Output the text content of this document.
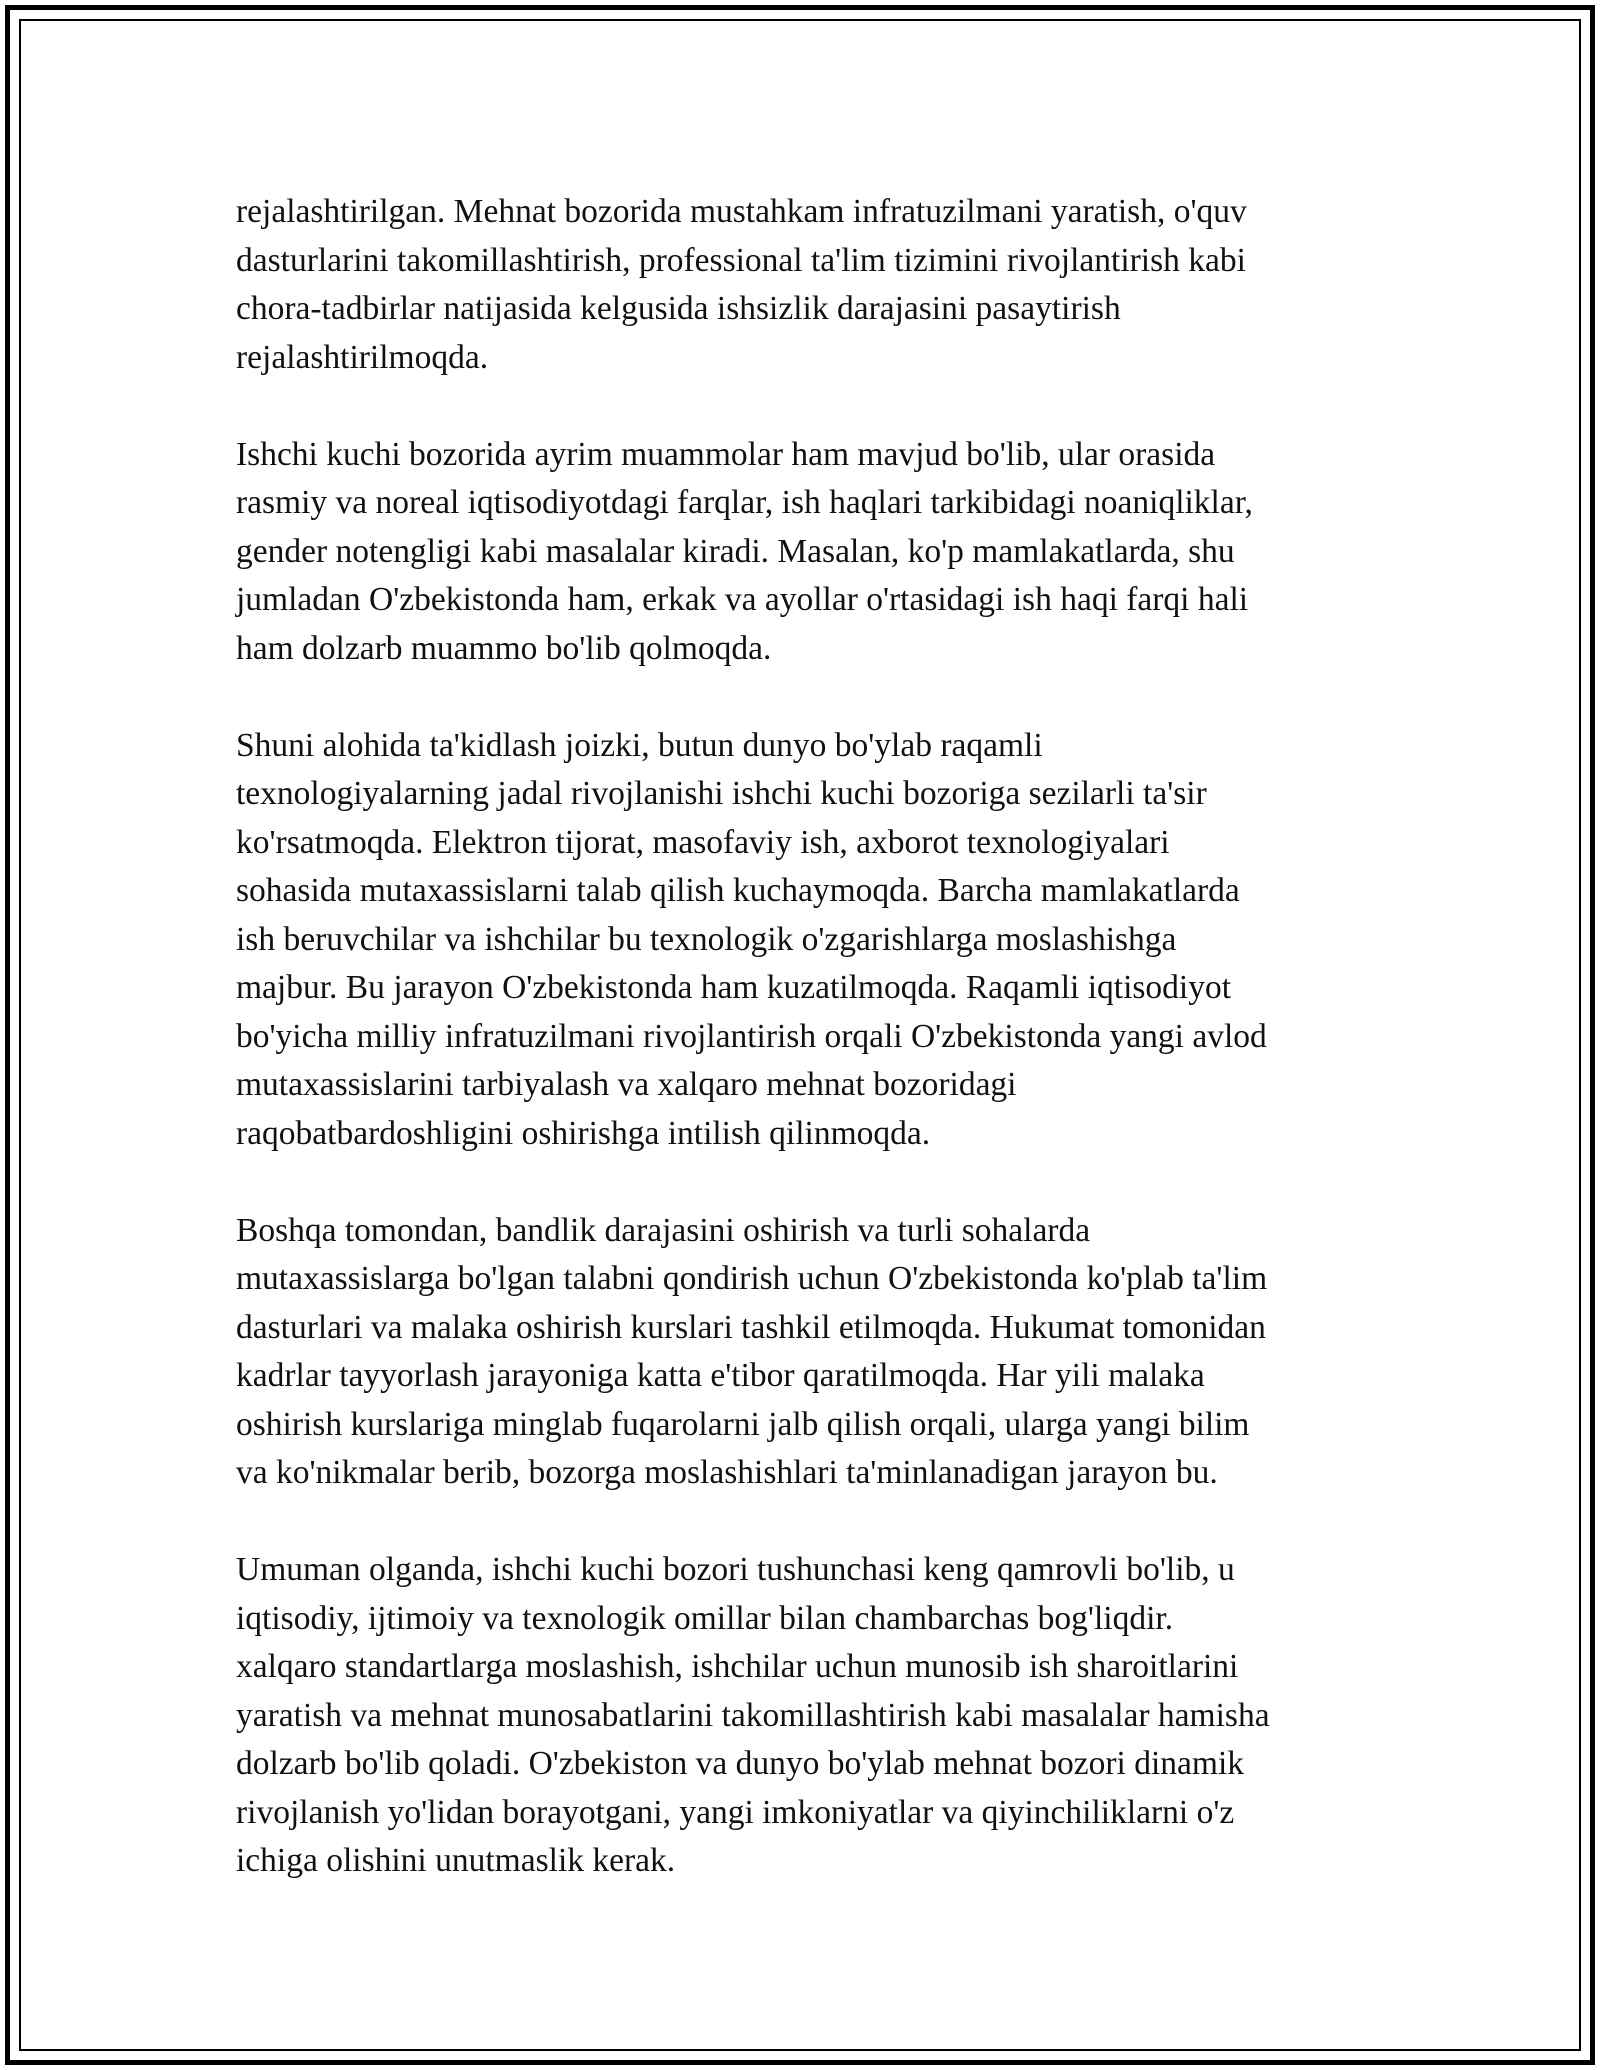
rejalashtirilgan. Mehnat bozorida mustahkam infratuzilmani yaratish, o'quv
dasturlarini takomillashtirish, professional ta'lim tizimini rivojlantirish kabi
chora-tadbirlar natijasida kelgusida ishsizlik darajasini pasaytirish
rejalashtirilmoqda.

Ishchi kuchi bozorida ayrim muammolar ham mavjud bo'lib, ular orasida
rasmiy va noreal iqtisodiyotdagi farqlar, ish haqlari tarkibidagi noaniqliklar,
gender notengligi kabi masalalar kiradi. Masalan, ko'p mamlakatlarda, shu
jumladan O'zbekistonda ham, erkak va ayollar o'rtasidagi ish haqi farqi hali
ham dolzarb muammo bo'lib qolmoqda.

Shuni alohida ta'kidlash joizki, butun dunyo bo'ylab raqamli
texnologiyalarning jadal rivojlanishi ishchi kuchi bozoriga sezilarli ta'sir
ko'rsatmoqda. Elektron tijorat, masofaviy ish, axborot texnologiyalari
sohasida mutaxassislarni talab qilish kuchaymoqda. Barcha mamlakatlarda
ish beruvchilar va ishchilar bu texnologik o'zgarishlarga moslashishga
majbur. Bu jarayon O'zbekistonda ham kuzatilmoqda. Raqamli iqtisodiyot
bo'yicha milliy infratuzilmani rivojlantirish orqali O'zbekistonda yangi avlod
mutaxassislarini tarbiyalash va xalqaro mehnat bozoridagi
raqobatbardoshligini oshirishga intilish qilinmoqda.

Boshqa tomondan, bandlik darajasini oshirish va turli sohalarda
mutaxassislarga bo'lgan talabni qondirish uchun O'zbekistonda ko'plab ta'lim
dasturlari va malaka oshirish kurslari tashkil etilmoqda. Hukumat tomonidan
kadrlar tayyorlash jarayoniga katta e'tibor qaratilmoqda. Har yili malaka
oshirish kurslariga minglab fuqarolarni jalb qilish orqali, ularga yangi bilim
va ko'nikmalar berib, bozorga moslashishlari ta'minlanadigan jarayon bu.

Umuman olganda, ishchi kuchi bozori tushunchasi keng qamrovli bo'lib, u
iqtisodiy, ijtimoiy va texnologik omillar bilan chambarchas bog'liqdir.
xalqaro standartlarga moslashish, ishchilar uchun munosib ish sharoitlarini
yaratish va mehnat munosabatlarini takomillashtirish kabi masalalar hamisha
dolzarb bo'lib qoladi. O'zbekiston va dunyo bo'ylab mehnat bozori dinamik
rivojlanish yo'lidan borayotgani, yangi imkoniyatlar va qiyinchiliklarni o'z
ichiga olishini unutmaslik kerak.
